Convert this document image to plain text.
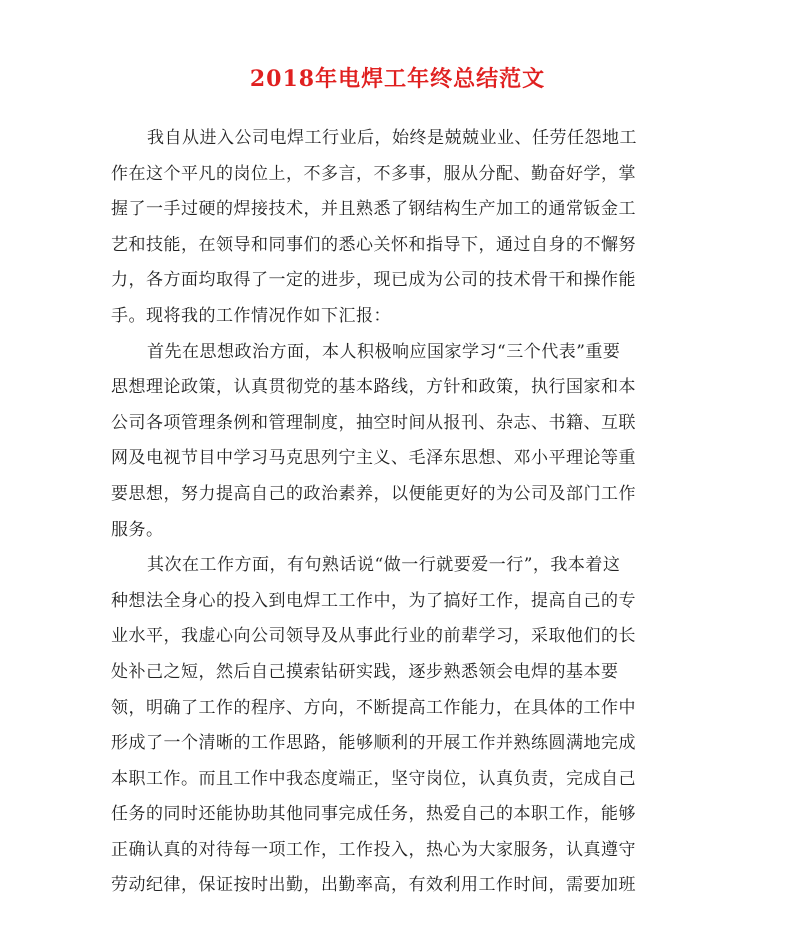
2018年电焊工年终总结范文
我自从进入公司电焊工行业后，始终是兢兢业业、任劳任怨地工
作在这个平凡的岗位上，不多言，不多事，服从分配、勤奋好学，掌
握了一手过硬的焊接技术，并且熟悉了钢结构生产加工的通常钣金工
艺和技能，在领导和同事们的悉心关怀和指导下，通过自身的不懈努
力，各方面均取得了一定的进步，现已成为公司的技术骨干和操作能
手。现将我的工作情况作如下汇报：
首先在思想政治方面，本人积极响应国家学习“三个代表”重要
思想理论政策，认真贯彻党的基本路线，方针和政策，执行国家和本
公司各项管理条例和管理制度，抽空时间从报刊、杂志、书籍、互联
网及电视节目中学习马克思列宁主义、毛泽东思想、邓小平理论等重
要思想，努力提高自己的政治素养，以便能更好的为公司及部门工作
服务。
其次在工作方面，有句熟话说“做一行就要爱一行”，我本着这
种想法全身心的投入到电焊工工作中，为了搞好工作，提高自己的专
业水平，我虚心向公司领导及从事此行业的前辈学习，采取他们的长
处补己之短，然后自己摸索钻研实践，逐步熟悉领会电焊的基本要
领，明确了工作的程序、方向，不断提高工作能力，在具体的工作中
形成了一个清晰的工作思路，能够顺利的开展工作并熟练圆满地完成
本职工作。而且工作中我态度端正，坚守岗位，认真负责，完成自己
任务的同时还能协助其他同事完成任务，热爱自己的本职工作，能够
正确认真的对待每一项工作，工作投入，热心为大家服务，认真遵守
劳动纪律，保证按时出勤，出勤率高，有效利用工作时间，需要加班
